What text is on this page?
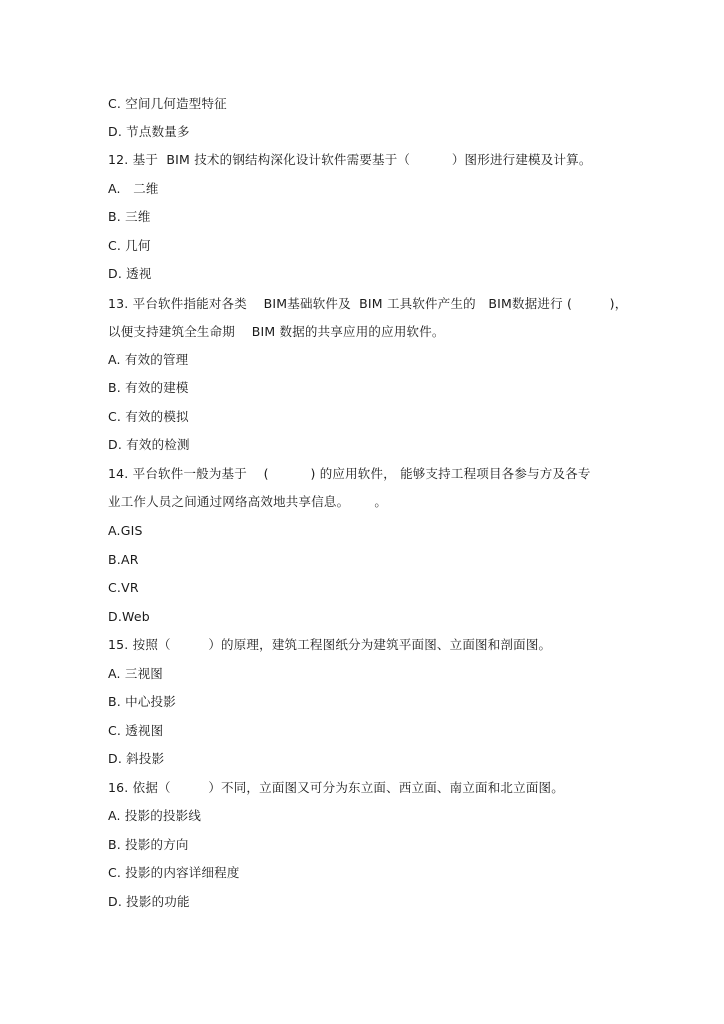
C. 空间几何造型特征
D. 节点数量多
12. 基于  BIM 技术的钢结构深化设计软件需要基于（          ）图形进行建模及计算。
A.   二维
B. 三维
C. 几何
D. 透视
13. 平台软件指能对各类    BIM基础软件及  BIM 工具软件产生的   BIM数据进行 (         )，
以便支持建筑全生命期    BIM 数据的共享应用的应用软件。
A. 有效的管理
B. 有效的建模
C. 有效的模拟
D. 有效的检测
14. 平台软件一般为基于    (          ) 的应用软件， 能够支持工程项目各参与方及各专
业工作人员之间通过网络高效地共享信息。      。
A.GIS
B.AR
C.VR
D.Web
15. 按照（         ）的原理，建筑工程图纸分为建筑平面图、立面图和剖面图。
A. 三视图
B. 中心投影
C. 透视图
D. 斜投影
16. 依据（         ）不同，立面图又可分为东立面、西立面、南立面和北立面图。
A. 投影的投影线
B. 投影的方向
C. 投影的内容详细程度
D. 投影的功能
